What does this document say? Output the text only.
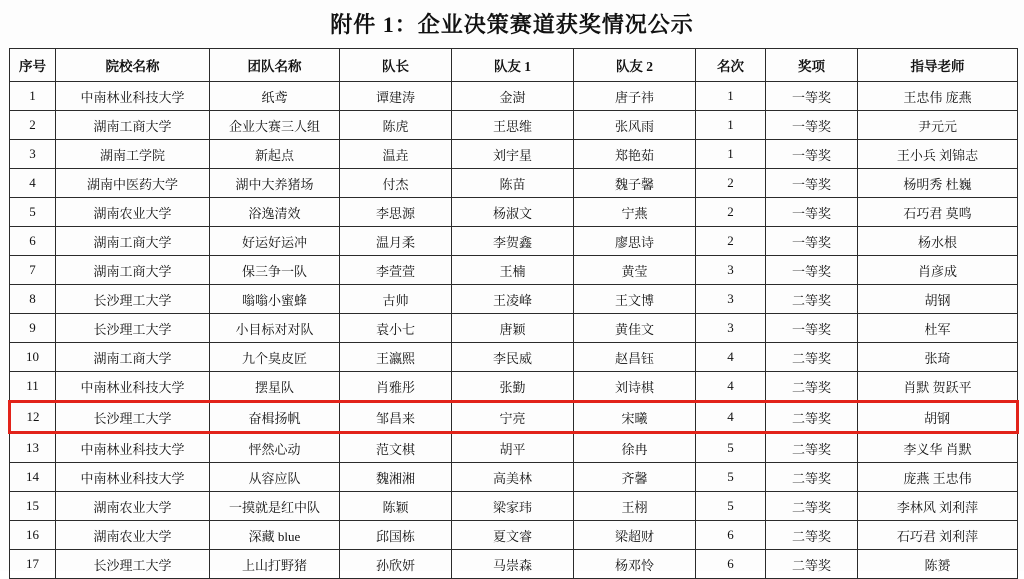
附件 1：企业决策赛道获奖情况公示
序号	院校名称	团队名称	队长	队友 1	队友 2	名次	奖项	指导老师
1	中南林业科技大学	纸鸢	谭建涛	金澍	唐子祎	1	一等奖	王忠伟 庞燕
2	湖南工商大学	企业大赛三人组	陈虎	王思维	张风雨	1	一等奖	尹元元
3	湖南工学院	新起点	温垚	刘宇星	郑艳茹	1	一等奖	王小兵 刘锦志
4	湖南中医药大学	湖中大养猪场	付杰	陈苗	魏子馨	2	一等奖	杨明秀 杜巍
5	湖南农业大学	浴逸清效	李思源	杨淑文	宁燕	2	一等奖	石巧君 莫鸣
6	湖南工商大学	好运好运冲	温月柔	李贺鑫	廖思诗	2	一等奖	杨水根
7	湖南工商大学	保三争一队	李萱萱	王楠	黄莹	3	一等奖	肖彦成
8	长沙理工大学	嗡嗡小蜜蜂	古帅	王凌峰	王文博	3	二等奖	胡钢
9	长沙理工大学	小目标对对队	袁小七	唐颖	黄佳文	3	一等奖	杜军
10	湖南工商大学	九个臭皮匠	王瀛熙	李民威	赵昌钰	4	二等奖	张琦
11	中南林业科技大学	摆星队	肖雅彤	张勤	刘诗棋	4	二等奖	肖默 贺跃平
12	长沙理工大学	奋楫扬帆	邹昌来	宁亮	宋曦	4	二等奖	胡钢
13	中南林业科技大学	怦然心动	范文棋	胡平	徐冉	5	二等奖	李义华 肖默
14	中南林业科技大学	从容应队	魏湘湘	高美林	齐馨	5	二等奖	庞燕 王忠伟
15	湖南农业大学	一摸就是红中队	陈颖	梁家玮	王栩	5	二等奖	李林风 刘利萍
16	湖南农业大学	深藏 blue	邱国栋	夏文睿	梁超财	6	二等奖	石巧君 刘利萍
17	长沙理工大学	上山打野猪	孙欣妍	马崇森	杨邓怜	6	二等奖	陈赟
